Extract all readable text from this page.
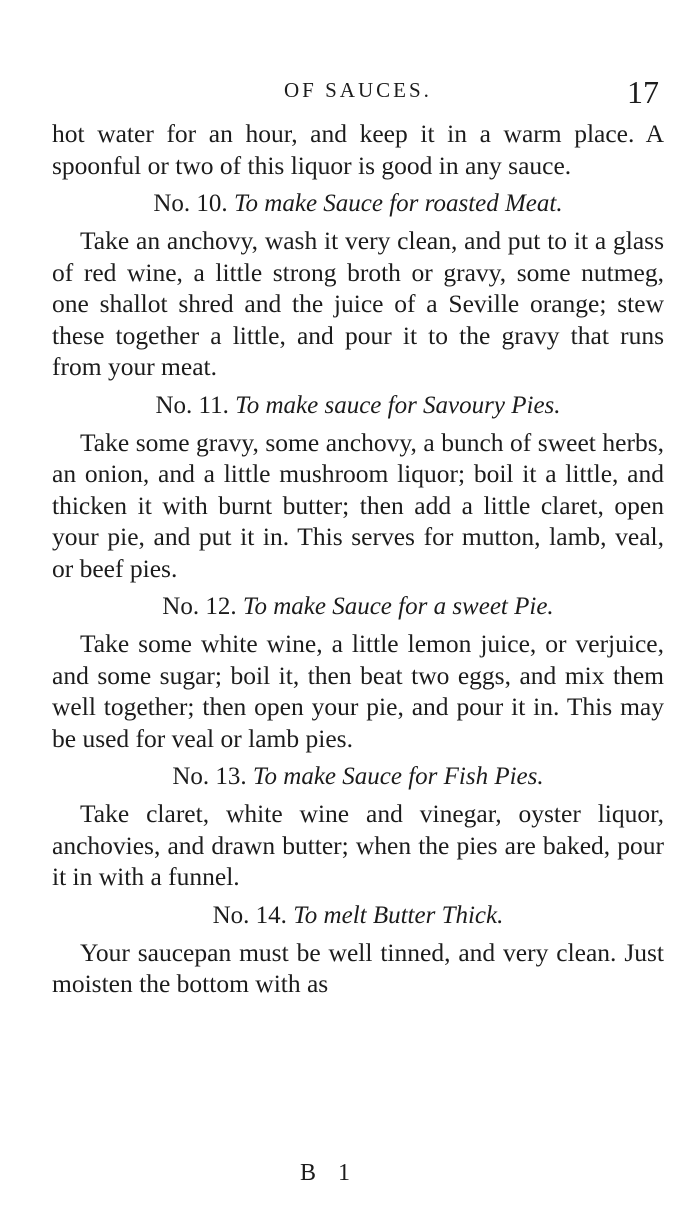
OF SAUCES.	17

hot water for an hour, and keep it in a warm place. A spoonful or two of this liquor is good in any sauce.

No. 10. To make Sauce for roasted Meat.

Take an anchovy, wash it very clean, and put to it a glass of red wine, a little strong broth or gravy, some nutmeg, one shallot shred and the juice of a Seville orange; stew these together a little, and pour it to the gravy that runs from your meat.

No. 11. To make sauce for Savoury Pies.

Take some gravy, some anchovy, a bunch of sweet herbs, an onion, and a little mushroom liquor; boil it a little, and thicken it with burnt butter; then add a little claret, open your pie, and put it in. This serves for mutton, lamb, veal, or beef pies.

No. 12. To make Sauce for a sweet Pie.

Take some white wine, a little lemon juice, or verjuice, and some sugar; boil it, then beat two eggs, and mix them well together; then open your pie, and pour it in. This may be used for veal or lamb pies.

No. 13. To make Sauce for Fish Pies.

Take claret, white wine and vinegar, oyster liquor, anchovies, and drawn butter; when the pies are baked, pour it in with a funnel.

No. 14. To melt Butter Thick.

Your saucepan must be well tinned, and very clean. Just moisten the bottom with as

B 1
